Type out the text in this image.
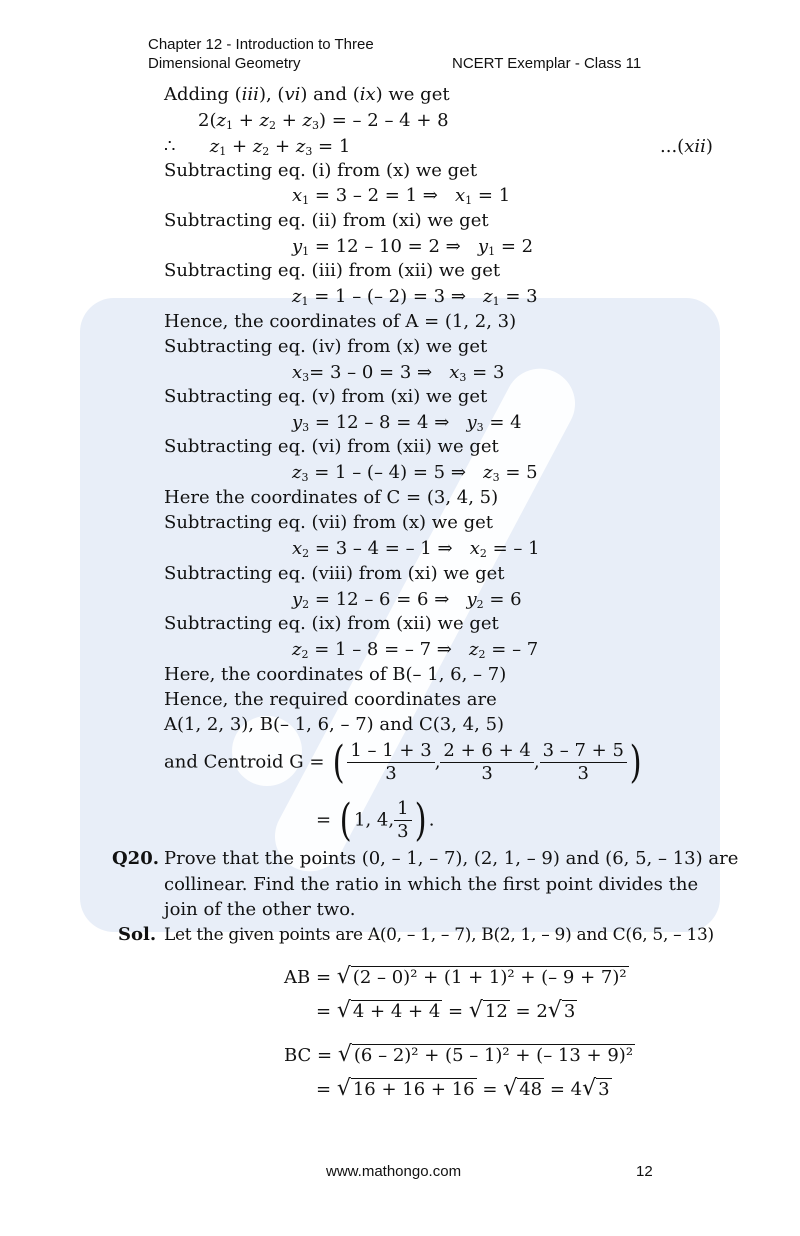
Chapter 12 - Introduction to Three
Dimensional Geometry	NCERT Exemplar - Class 11
Adding (iii), (vi) and (ix) we get
$2(z_1 + z_2 + z_3)$ = – 2 – 4 + 8
∴ $z_1 + z_2 + z_3 = 1$	...(xii)
Subtracting eq. (i) from (x) we get
$x_1 = 3 - 2 = 1$ ⇒ $x_1 = 1$
Subtracting eq. (ii) from (xi) we get
$y_1 = 12 - 10 = 2$ ⇒ $y_1 = 2$
Subtracting eq. (iii) from (xii) we get
$z_1 = 1$ – (– 2) = 3 ⇒ $z_1 = 3$
Hence, the coordinates of A = (1, 2, 3)
Subtracting eq. (iv) from (x) we get
$x_3= 3 - 0 = 3$ ⇒ $x_3 = 3$
Subtracting eq. (v) from (xi) we get
$y_3 = 12 - 8 = 4$ ⇒ $y_3 = 4$
Subtracting eq. (vi) from (xii) we get
$z_3 = 1$ – (– 4) = 5 ⇒ $z_3 = 5$
Here the coordinates of C = (3, 4, 5)
Subtracting eq. (vii) from (x) we get
$x_2 = 3 - 4$ = – 1 ⇒ $x_2$ = – 1
Subtracting eq. (viii) from (xi) we get
$y_2 = 12 - 6 = 6$ ⇒ $y_2 = 6$
Subtracting eq. (ix) from (xii) we get
$z_2 = 1 - 8$ = – 7 ⇒ $z_2$ = – 7
Here, the coordinates of B(– 1, 6, – 7)
Hence, the required coordinates are
A(1, 2, 3), B(– 1, 6, – 7) and C(3, 4, 5)
and Centroid G = ( $\frac{1 - 1 + 3}{3}$ , $\frac{2 + 6 + 4}{3}$ , $\frac{3 - 7 + 5}{3}$ )
= ( 1, 4, $\frac{1}{3}$ ) .
Q20. Prove that the points (0, – 1, – 7), (2, 1, – 9) and (6, 5, – 13) are
collinear. Find the ratio in which the first point divides the
join of the other two.
Sol. Let the given points are A(0, – 1, – 7), B(2, 1, – 9) and C(6, 5, – 13)
AB = √ (2 – 0)² + (1 + 1)² + (– 9 + 7)²
= √ 4 + 4 + 4 = √ 12 = 2√ 3
BC = √ (6 – 2)² + (5 – 1)² + (– 13 + 9)²
= √ 16 + 16 + 16 = √ 48 = 4√ 3
www.mathongo.com	12
